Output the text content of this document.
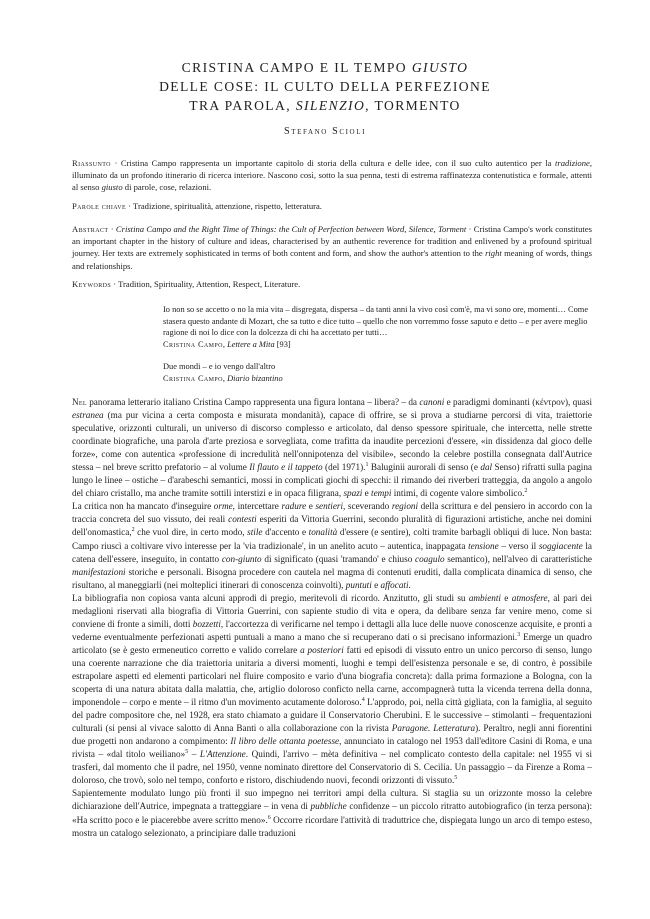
CRISTINA CAMPO E IL TEMPO GIUSTO
DELLE COSE: IL CULTO DELLA PERFEZIONE
TRA PAROLA, SILENZIO, TORMENTO
Stefano Scioli
Riassunto · Cristina Campo rappresenta un importante capitolo di storia della cultura e delle idee, con il suo culto autentico per la tradizione, illuminato da un profondo itinerario di ricerca interiore. Nascono così, sotto la sua penna, testi di estrema raffinatezza contenutistica e formale, attenti al senso giusto di parole, cose, relazioni.
Parole chiave · Tradizione, spiritualità, attenzione, rispetto, letteratura.
Abstract · Cristina Campo and the Right Time of Things: the Cult of Perfection between Word, Silence, Torment · Cristina Campo's work constitutes an important chapter in the history of culture and ideas, characterised by an authentic reverence for tradition and enlivened by a profound spiritual journey. Her texts are extremely sophisticated in terms of both content and form, and show the author's attention to the right meaning of words, things and relationships.
Keywords · Tradition, Spirituality, Attention, Respect, Literature.
Io non so se accetto o no la mia vita – disgregata, dispersa – da tanti anni la vivo così com'è, ma vi sono ore, momenti… Come stasera questo andante di Mozart, che sa tutto e dice tutto – quello che non vorremmo fosse saputo e detto – e per avere meglio ragione di noi lo dice con la dolcezza di chi ha accettato per tutti…
Cristina Campo, Lettere a Mita [93]
Due mondi – e io vengo dall'altro
Cristina Campo, Diario bizantino

Nel panorama letterario italiano Cristina Campo rappresenta una figura lontana – libera? – da canoni e paradigmi dominanti (κέντρον), quasi estranea (ma pur vicina a certa composta e misurata mondanità), capace di offrire, se si prova a studiarne percorsi di vita, traiettorie speculative, orizzonti culturali, un universo di discorso complesso e articolato, dal denso spessore spirituale, che intercetta, nelle strette coordinate biografiche, una parola d'arte preziosa e sorvegliata, come trafitta da inaudite percezioni d'essere, «in dissidenza dal gioco delle forze», come con autentica «professione di incredulità nell'onnipotenza del visibile», secondo la celebre postilla consegnata dall'Autrice stessa – nel breve scritto prefatorio – al volume Il flauto e il tappeto (del 1971).$^1$ Baluginii aurorali di senso (e dal Senso) rifratti sulla pagina lungo le linee – ostiche – d'arabeschi semantici, mossi in complicati giochi di specchi: il rimando dei riverberi tratteggia, da angolo a angolo del chiaro cristallo, ma anche tramite sottili interstizi e in opaca filigrana, spazi e tempi intimi, di cogente valore simbolico.$^2$

La critica non ha mancato d'inseguire orme, intercettare radure e sentieri, sceverando regioni della scrittura e del pensiero in accordo con la traccia concreta del suo vissuto, dei reali contesti esperiti da Vittoria Guerrini, secondo pluralità di figurazioni artistiche, anche nei domini dell'onomastica,$^2$ che vuol dire, in certo modo, stile d'accento e tonalità d'essere (e sentire), colti tramite barbagli obliqui di luce. Non basta: Campo riuscì a coltivare vivo interesse per la 'via tradizionale', in un anelito acuto – autentica, inappagata tensione – verso il soggiacente la catena dell'essere, inseguito, in contatto con-giunto di significato (quasi 'tramando' e chiuso coagulo semantico), nell'alveo di caratteristiche manifestazioni storiche e personali. Bisogna procedere con cautela nel magma di contenuti eruditi, dalla complicata dinamica di senso, che risultano, al maneggiarli (nei molteplici itinerari di conoscenza coinvolti), puntuti e affocati.

La bibliografia non copiosa vanta alcuni approdi di pregio, meritevoli di ricordo. Anzitutto, gli studi su ambienti e atmosfere, al pari dei medaglioni riservati alla biografia di Vittoria Guerrini, con sapiente studio di vita e opera, da delibare senza far venire meno, come si conviene di fronte a simili, dotti bozzetti, l'accortezza di verificarne nel tempo i dettagli alla luce delle nuove conoscenze acquisite, e pronti a vederne eventualmente perfezionati aspetti puntuali a mano a mano che si recuperano dati o si precisano informazioni.$^3$ Emerge un quadro articolato (se è gesto ermeneutico corretto e valido correlare a posteriori fatti ed episodi di vissuto entro un unico percorso di senso, lungo una coerente narrazione che dia traiettoria unitaria a diversi momenti, luoghi e tempi dell'esistenza personale e se, di contro, è possibile estrapolare aspetti ed elementi particolari nel fluire composito e vario d'una biografia concreta): dalla prima formazione a Bologna, con la scoperta di una natura abitata dalla malattia, che, artiglio doloroso conficto nella carne, accompagnerà tutta la vicenda terrena della donna, imponendole – corpo e mente – il ritmo d'un movimento acutamente doloroso.$^4$ L'approdo, poi, nella città gigliata, con la famiglia, al seguito del padre compositore che, nel 1928, era stato chiamato a guidare il Conservatorio Cherubini. E le successive – stimolanti – frequentazioni culturali (si pensi al vivace salotto di Anna Banti o alla collaborazione con la rivista Paragone. Letteratura). Peraltro, negli anni fiorentini due progetti non andarono a compimento: Il libro delle ottanta poetesse, annunciato in catalogo nel 1953 dall'editore Casini di Roma, e una rivista – «dal titolo weiliano»$^5$ – L'Attenzione. Quindi, l'arrivo – mèta definitiva – nel complicato contesto della capitale: nel 1955 vi si trasferì, dal momento che il padre, nel 1950, venne nominato direttore del Conservatorio di S. Cecilia. Un passaggio – da Firenze a Roma – doloroso, che trovò, solo nel tempo, conforto e ristoro, dischiudendo nuovi, fecondi orizzonti di vissuto.$^5$

Sapientemente modulato lungo più fronti il suo impegno nei territori ampi della cultura. Si staglia su un orizzonte mosso la celebre dichiarazione dell'Autrice, impegnata a tratteggiare – in vena di pubbliche confidenze – un piccolo ritratto autobiografico (in terza persona): «Ha scritto poco e le piacerebbe avere scritto meno».$^6$ Occorre ricordare l'attività di traduttrice che, dispiegata lungo un arco di tempo esteso, mostra un catalogo selezionato, a principiare dalle traduzioni
